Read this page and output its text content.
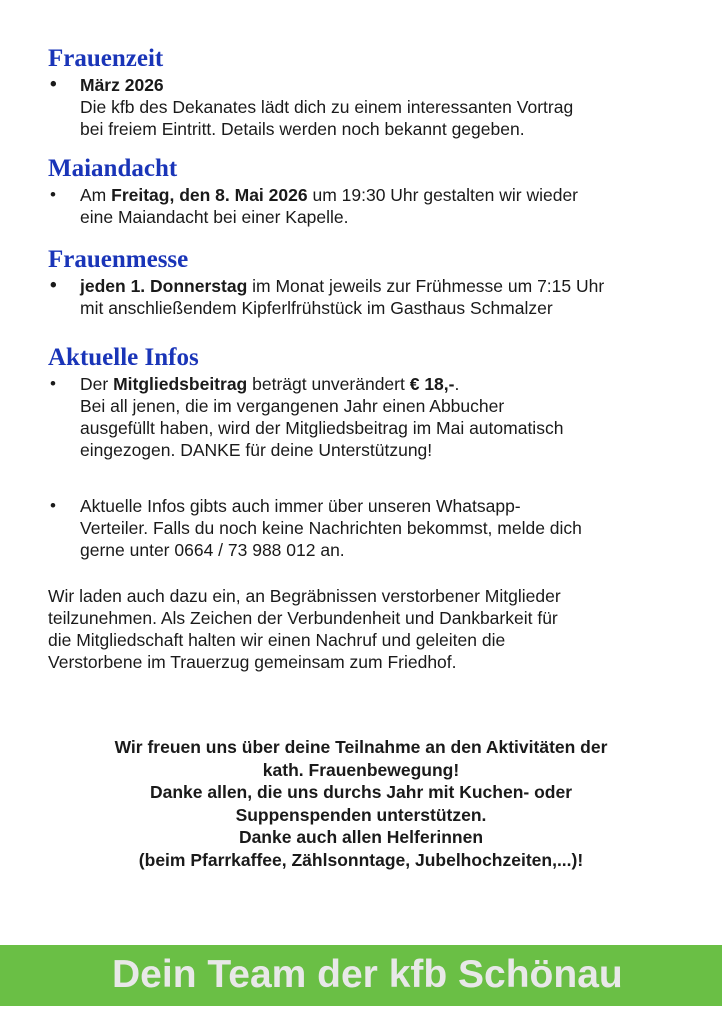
Frauenzeit
• März 2026
Die kfb des Dekanates lädt dich zu einem interessanten Vortrag
bei freiem Eintritt. Details werden noch bekannt gegeben.
Maiandacht
• Am Freitag, den 8. Mai 2026 um 19:30 Uhr gestalten wir wieder
eine Maiandacht bei einer Kapelle.
Frauenmesse
• jeden 1. Donnerstag im Monat jeweils zur Frühmesse um 7:15 Uhr
mit anschließendem Kipferlfrühstück im Gasthaus Schmalzer
Aktuelle Infos
• Der Mitgliedsbeitrag beträgt unverändert € 18,-.
Bei all jenen, die im vergangenen Jahr einen Abbucher
ausgefüllt haben, wird der Mitgliedsbeitrag im Mai automatisch
eingezogen. DANKE für deine Unterstützung!
• Aktuelle Infos gibts auch immer über unseren Whatsapp-
Verteiler. Falls du noch keine Nachrichten bekommst, melde dich
gerne unter 0664 / 73 988 012 an.
Wir laden auch dazu ein, an Begräbnissen verstorbener Mitglieder
teilzunehmen. Als Zeichen der Verbundenheit und Dankbarkeit für
die Mitgliedschaft halten wir einen Nachruf und geleiten die
Verstorbene im Trauerzug gemeinsam zum Friedhof.
Wir freuen uns über deine Teilnahme an den Aktivitäten der
kath. Frauenbewegung!
Danke allen, die uns durchs Jahr mit Kuchen- oder
Suppenspenden unterstützen.
Danke auch allen Helferinnen
(beim Pfarrkaffee, Zählsonntage, Jubelhochzeiten,...)!
Dein Team der kfb Schönau
